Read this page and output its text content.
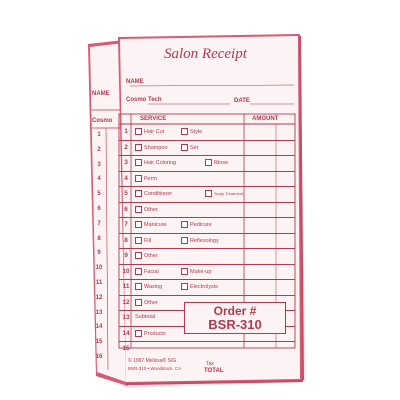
Salon Receipt
NAME
Cosmo Tech	DATE
SERVICE	AMOUNT
1	Hair Cut	Style
2	Shampoo	Set
3	Hair Coloring	Rinse
4	Perm
5	Conditioner	Scalp Treatment
6	Other
7	Manicure	Pedicure
8	Fill	Reflexology
9	Other
10	Facial	Make-up
11	Waxing	Electrolysis
12	Other
13 Subtotal
14	Products
15
Order #
BSR-310
© 1997 Melissa® S/G
BSR-310 • Woodstock, CA
Tax
TOTAL
NAME
Cosmo
1
2
3
4
5
6
7
8
9
10
11
12
13
14
15
16
